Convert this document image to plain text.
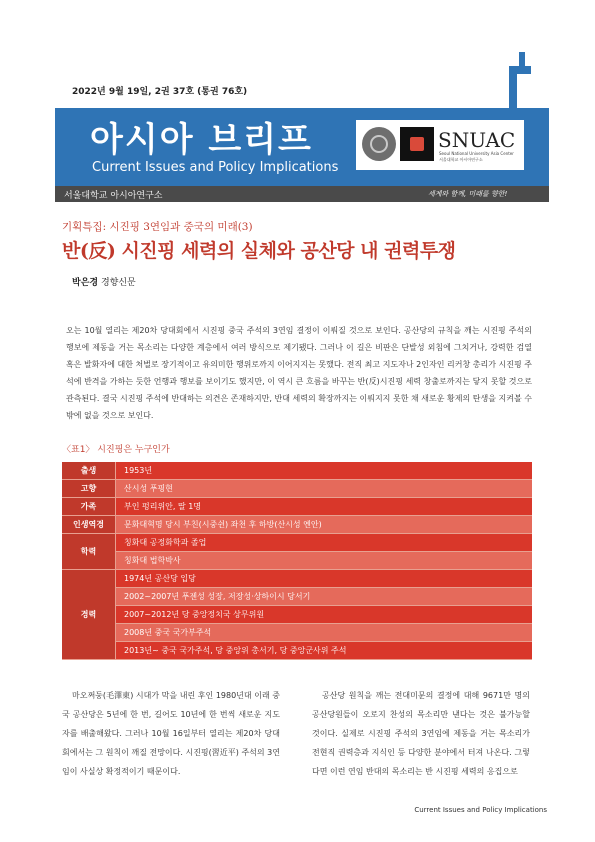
2022년 9월 19일, 2권 37호 (통권 76호)
아시아 브리프
Current Issues and Policy Implications
SNUAC
Seoul National University Asia Center
서울대학교 아시아연구소
서울대학교 아시아연구소	세계와 함께, 미래를 향한!
기획특집: 시진핑 3연임과 중국의 미래(3)
반(反) 시진핑 세력의 실체와 공산당 내 권력투쟁
박은경 경향신문
오는 10월 열리는 제20차 당대회에서 시진핑 중국 주석의 3연임 결정이 이뤄질 것으로 보인다. 공산당의 규칙을 깨는 시진핑 주석의 행보에 제동을 거는 목소리는 다양한 계층에서 여러 방식으로 제기됐다. 그러나 이 길은 비판은 단발성 외침에 그치거나, 강력한 검열 혹은 발화자에 대한 처벌로 장기적이고 유의미한 행위로까지 이어지지는 못했다. 전직 최고 지도자나 2인자인 리커창 총리가 시진핑 주석에 반격을 가하는 듯한 언행과 행보를 보이기도 했지만, 이 역시 큰 흐름을 바꾸는 반(反)시진핑 세력 창출로까지는 닿지 못할 것으로 관측된다. 결국 시진핑 주석에 반대하는 의견은 존재하지만, 반대 세력의 확장까지는 이뤄지지 못한 채 새로운 황제의 탄생을 지켜볼 수밖에 없을 것으로 보인다.
〈표1〉 시진핑은 누구인가
출생	1953년
고향	산시성 푸핑현
가족	부인 펑리위안, 딸 1명
인생역경	문화대혁명 당시 부친(시중쉰) 좌천 후 하방(산시성 옌안)
학력	칭화대 공정화학과 졸업
	칭화대 법학박사
경력	1974년 공산당 입당
	2002~2007년 푸젠성 성장, 저장성·상하이시 당서기
	2007~2012년 당 중앙정치국 상무위원
	2008년 중국 국가부주석
	2013년~ 중국 국가주석, 당 중앙위 총서기, 당 중앙군사위 주석

마오쩌둥(毛澤東) 시대가 막을 내린 후인 1980년대 이래 중국 공산당은 5년에 한 번, 길어도 10년에 한 번씩 새로운 지도자를 배출해왔다. 그러나 10월 16일부터 열리는 제20차 당대회에서는 그 원칙이 깨질 전망이다. 시진핑(習近平) 주석의 3연임이 사실상 확정적이기 때문이다.

공산당 원칙을 깨는 전대미문의 결정에 대해 9671만 명의 공산당원들이 오로지 찬성의 목소리만 낸다는 것은 불가능할 것이다. 실제로 시진핑 주석의 3연임에 제동을 거는 목소리가 전현직 권력층과 지식인 등 다양한 분야에서 터져 나온다. 그렇다면 이런 연임 반대의 목소리는 반 시진핑 세력의 응집으로

Current Issues and Policy Implications
